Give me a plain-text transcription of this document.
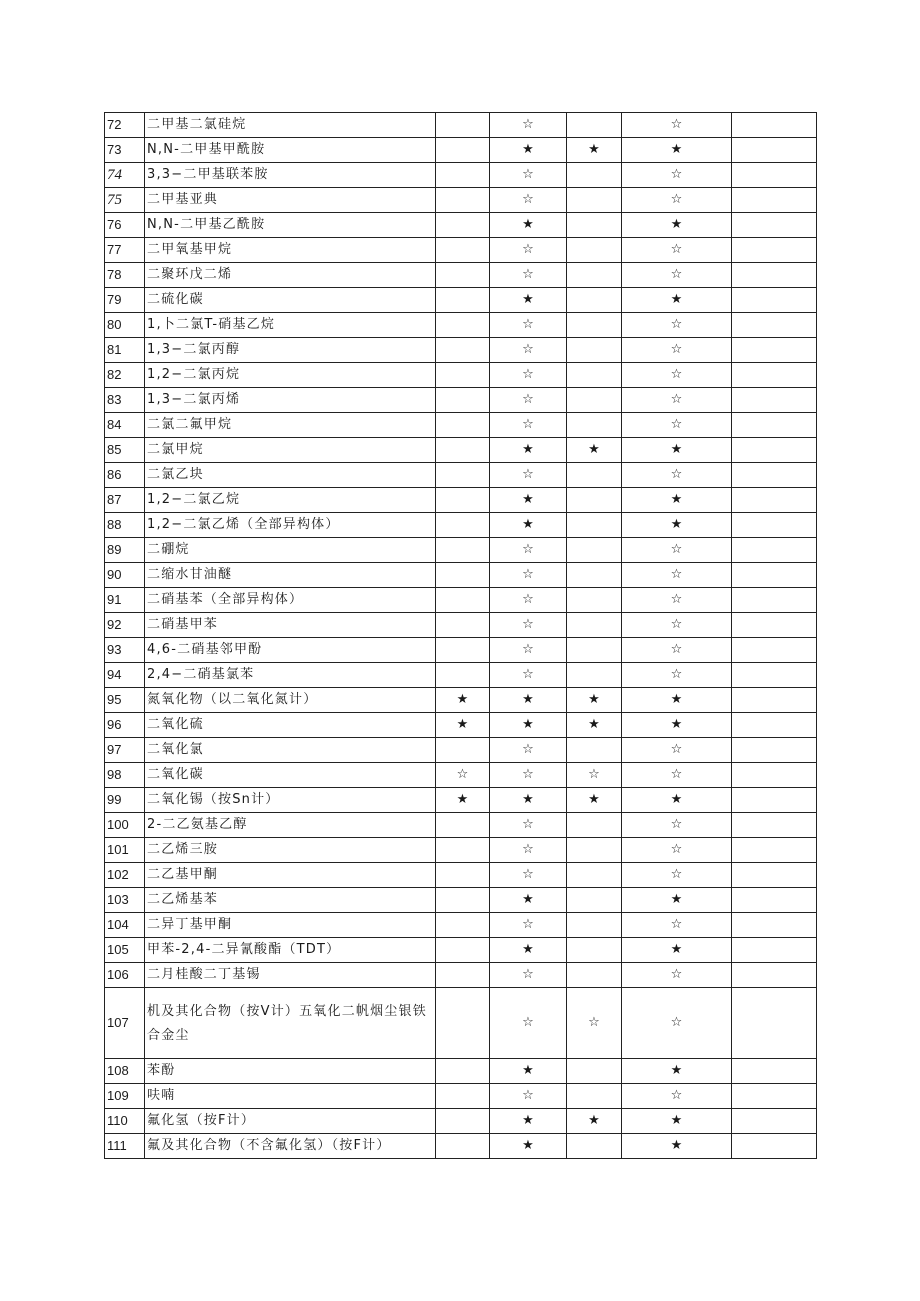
72	二甲基二氯硅烷		☆		☆	
73	N,N-二甲基甲酰胺		★	★	★	
74	3,3−二甲基联苯胺		☆		☆	
75	二甲基亚典		☆		☆	
76	N,N-二甲基乙酰胺		★		★	
77	二甲氧基甲烷		☆		☆	
78	二聚环戊二烯		☆		☆	
79	二硫化碳		★		★	
80	1,卜二氯T-硝基乙烷		☆		☆	
81	1,3−二氯丙醇		☆		☆	
82	1,2−二氯丙烷		☆		☆	
83	1,3−二氯丙烯		☆		☆	
84	二氯二氟甲烷		☆		☆	
85	二氯甲烷		★	★	★	
86	二氯乙块		☆		☆	
87	1,2−二氯乙烷		★		★	
88	1,2−二氯乙烯（全部异构体）		★		★	
89	二硼烷		☆		☆	
90	二缩水甘油醚		☆		☆	
91	二硝基苯（全部异构体）		☆		☆	
92	二硝基甲苯		☆		☆	
93	4,6-二硝基邻甲酚		☆		☆	
94	2,4−二硝基氯苯		☆		☆	
95	氮氧化物（以二氧化氮计）	★	★	★	★	
96	二氧化硫	★	★	★	★	
97	二氧化氯		☆		☆	
98	二氧化碳	☆	☆	☆	☆	
99	二氧化锡（按Sn计）	★	★	★	★	
100	2-二乙氨基乙醇		☆		☆	
101	二乙烯三胺		☆		☆	
102	二乙基甲酮		☆		☆	
103	二乙烯基苯		★		★	
104	二异丁基甲酮		☆		☆	
105	甲苯-2,4-二异氰酸酯（TDT）		★		★	
106	二月桂酸二丁基锡		☆		☆	
107	机及其化合物（按V计）五氧化二帆烟尘银铁合金尘		☆	☆	☆	
108	苯酚		★		★	
109	呋喃		☆		☆	
110	氟化氢（按F计）		★	★	★	
111	氟及其化合物（不含氟化氢）（按F计）		★		★	
